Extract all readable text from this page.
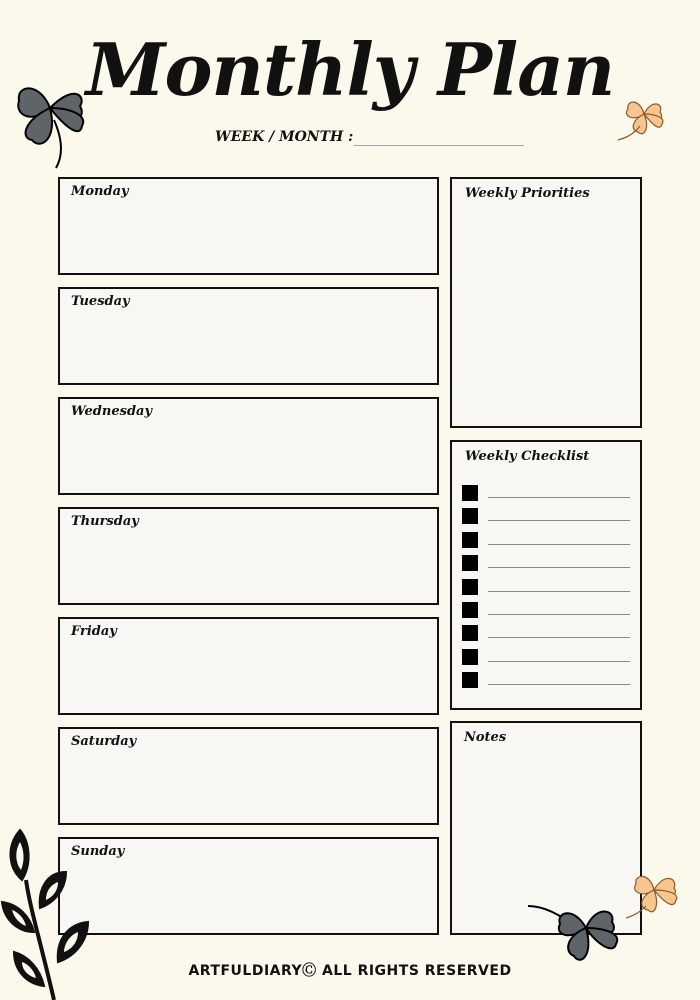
Monthly Plan
WEEK / MONTH :
Monday
Tuesday
Wednesday
Thursday
Friday
Saturday
Sunday
Weekly Priorities
Weekly Checklist
Notes
ARTFULDIARYⒸ ALL RIGHTS RESERVED
